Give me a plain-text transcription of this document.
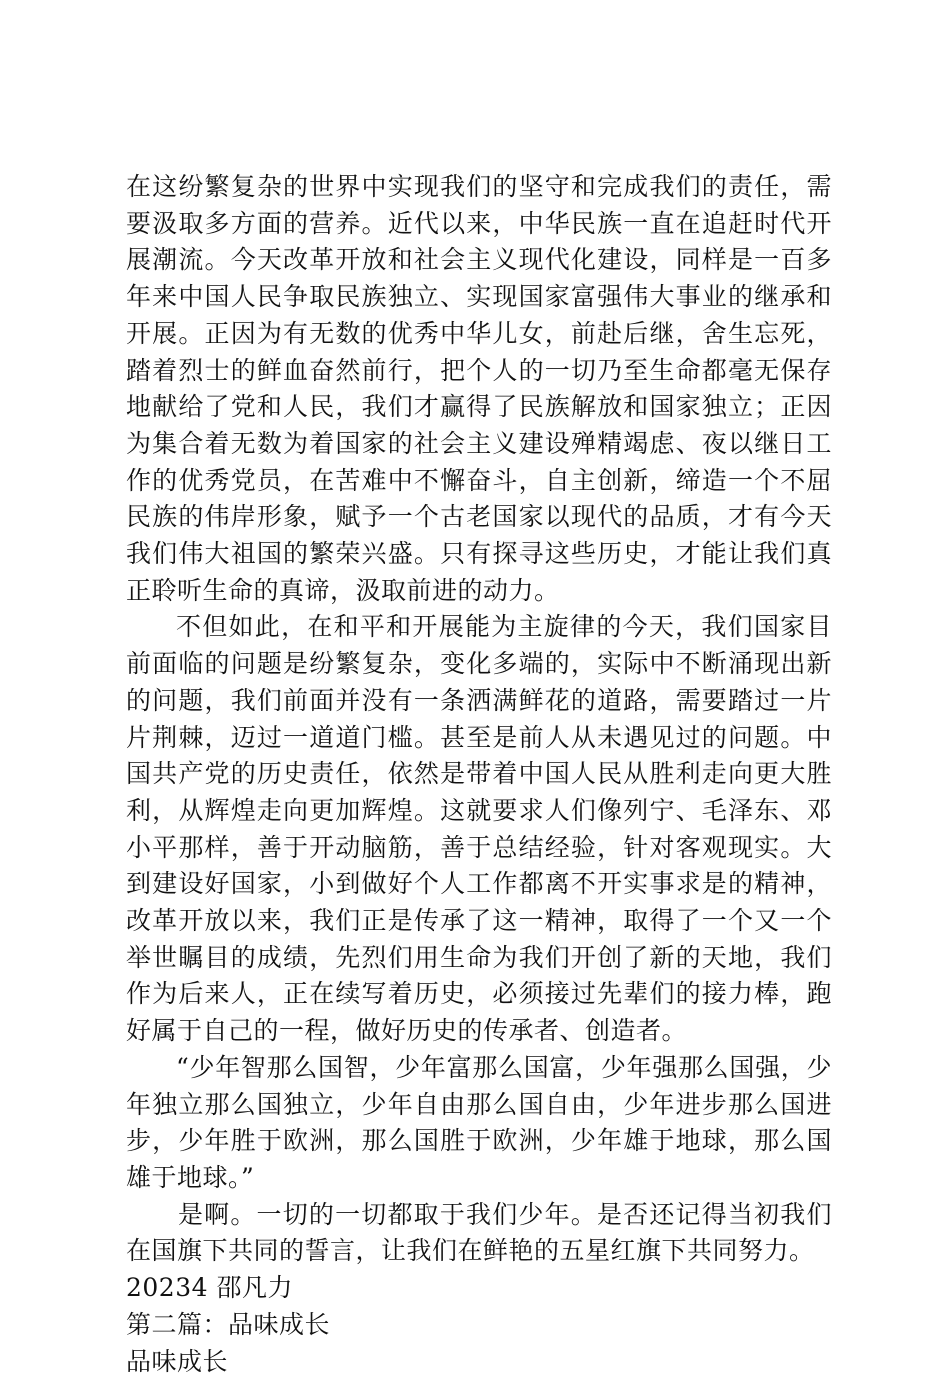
在这纷繁复杂的世界中实现我们的坚守和完成我们的责任，需要汲取多方面的营养。近代以来，中华民族一直在追赶时代开展潮流。今天改革开放和社会主义现代化建设，同样是一百多年来中国人民争取民族独立、实现国家富强伟大事业的继承和开展。正因为有无数的优秀中华儿女，前赴后继，舍生忘死，踏着烈士的鲜血奋然前行，把个人的一切乃至生命都毫无保存地献给了党和人民，我们才赢得了民族解放和国家独立；正因为集合着无数为着国家的社会主义建设殚精竭虑、夜以继日工作的优秀党员，在苦难中不懈奋斗，自主创新，缔造一个不屈民族的伟岸形象，赋予一个古老国家以现代的品质，才有今天我们伟大祖国的繁荣兴盛。只有探寻这些历史，才能让我们真正聆听生命的真谛，汲取前进的动力。

不但如此，在和平和开展能为主旋律的今天，我们国家目前面临的问题是纷繁复杂，变化多端的，实际中不断涌现出新的问题，我们前面并没有一条洒满鲜花的道路，需要踏过一片片荆棘，迈过一道道门槛。甚至是前人从未遇见过的问题。中国共产党的历史责任，依然是带着中国人民从胜利走向更大胜利，从辉煌走向更加辉煌。这就要求人们像列宁、毛泽东、邓小平那样，善于开动脑筋，善于总结经验，针对客观现实。大到建设好国家，小到做好个人工作都离不开实事求是的精神，改革开放以来，我们正是传承了这一精神，取得了一个又一个举世瞩目的成绩，先烈们用生命为我们开创了新的天地，我们作为后来人，正在续写着历史，必须接过先辈们的接力棒，跑好属于自己的一程，做好历史的传承者、创造者。

“少年智那么国智，少年富那么国富，少年强那么国强，少年独立那么国独立，少年自由那么国自由，少年进步那么国进步，少年胜于欧洲，那么国胜于欧洲，少年雄于地球，那么国雄于地球。”

是啊。一切的一切都取于我们少年。是否还记得当初我们在国旗下共同的誓言，让我们在鲜艳的五星红旗下共同努力。

20234 邵凡力

第二篇：品味成长

品味成长
